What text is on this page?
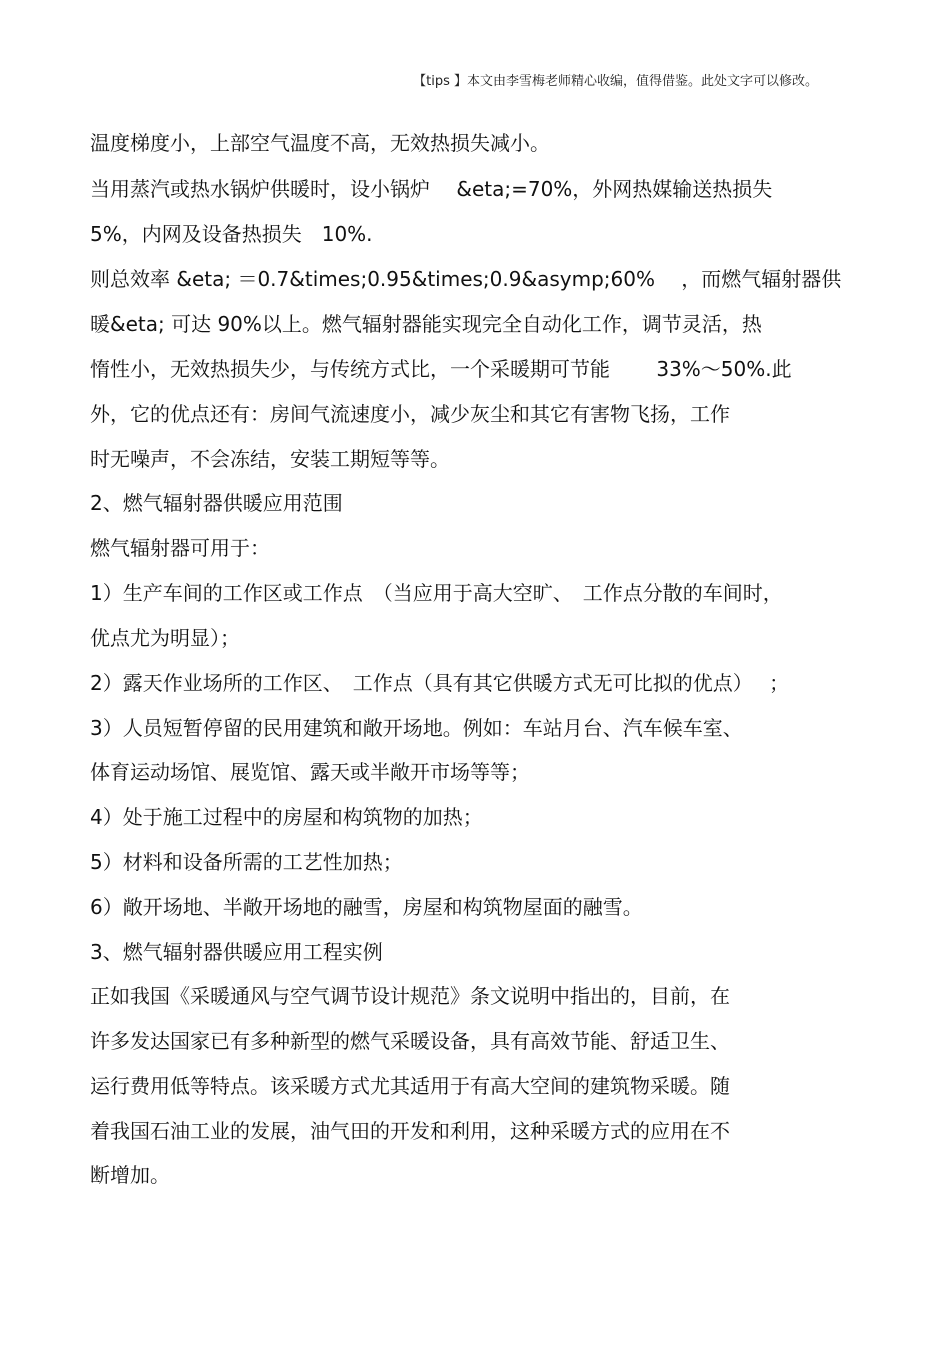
【tips 】本文由李雪梅老师精心收编，值得借鉴。此处文字可以修改。
温度梯度小，上部空气温度不高，无效热损失减小。
当用蒸汽或热水锅炉供暖时，设小锅炉　 &eta;=70%，外网热媒输送热损失
5%，内网及设备热损失　10%.
则总效率 &eta; ＝0.7&times;0.95&times;0.9&asymp;60%　 ，而燃气辐射器供
暖&eta; 可达 90%以上。燃气辐射器能实现完全自动化工作，调节灵活，热
惰性小，无效热损失少，与传统方式比，一个采暖期可节能　　 33%～50%.此
外，它的优点还有：房间气流速度小，减少灰尘和其它有害物飞扬，工作
时无噪声，不会冻结，安装工期短等等。
2、燃气辐射器供暖应用范围
燃气辐射器可用于：
1）生产车间的工作区或工作点　（当应用于高大空旷、　工作点分散的车间时，
优点尤为明显）；
2）露天作业场所的工作区、　工作点（具有其它供暖方式无可比拟的优点）　 ；
3）人员短暂停留的民用建筑和敞开场地。例如：车站月台、汽车候车室、
体育运动场馆、展览馆、露天或半敞开市场等等；
4）处于施工过程中的房屋和构筑物的加热；
5）材料和设备所需的工艺性加热；
6）敞开场地、半敞开场地的融雪，房屋和构筑物屋面的融雪。
3、燃气辐射器供暖应用工程实例
正如我国《采暖通风与空气调节设计规范》条文说明中指出的，目前，在
许多发达国家已有多种新型的燃气采暖设备，具有高效节能、舒适卫生、
运行费用低等特点。该采暖方式尤其适用于有高大空间的建筑物采暖。随
着我国石油工业的发展，油气田的开发和利用，这种采暖方式的应用在不
断增加。
